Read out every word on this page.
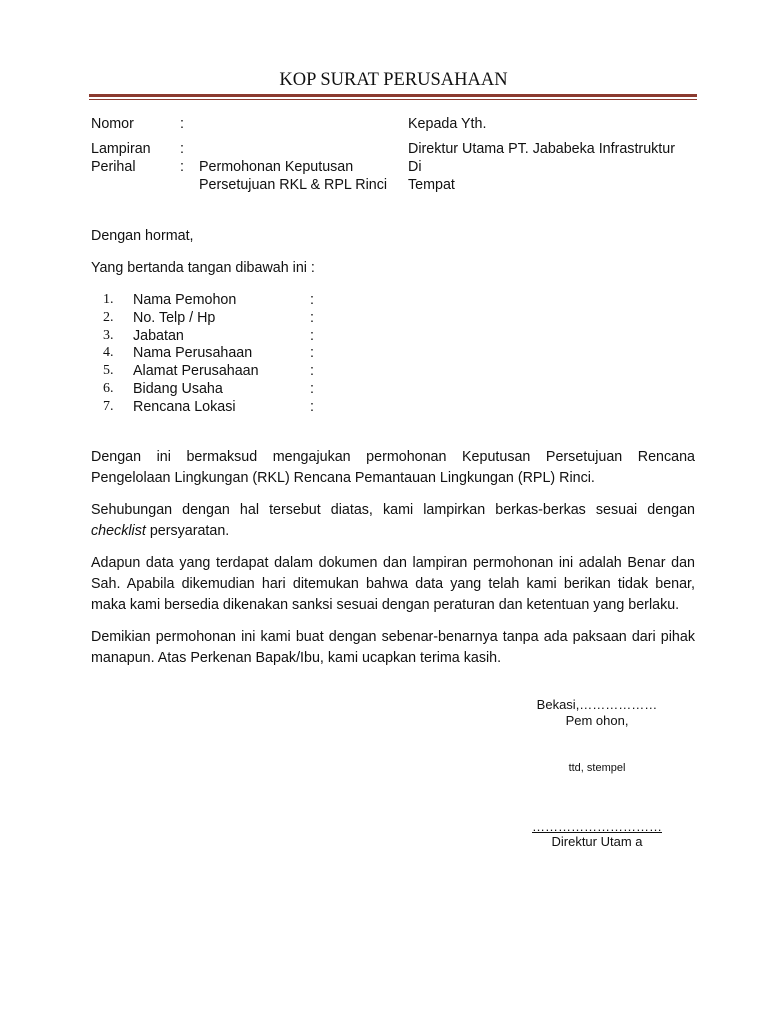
KOP SURAT PERUSAHAAN
Nomor	:
Lampiran :
Perihal	: Permohonan Keputusan
Persetujuan RKL & RPL Rinci
Kepada Yth.
Direktur Utama PT. Jababeka Infrastruktur
Di
Tempat
Dengan hormat,
Yang bertanda tangan dibawah ini :
1. Nama Pemohon	:
2. No. Telp / Hp	:
3. Jabatan	:
4. Nama Perusahaan	:
5. Alamat Perusahaan	:
6. Bidang Usaha	:
7. Rencana Lokasi	:
Dengan ini bermaksud mengajukan permohonan Keputusan Persetujuan Rencana
Pengelolaan Lingkungan (RKL) Rencana Pemantauan Lingkungan (RPL) Rinci.
Sehubungan dengan hal tersebut diatas, kami lampirkan berkas-berkas sesuai dengan
checklist persyaratan.
Adapun data yang terdapat dalam dokumen dan lampiran permohonan ini adalah Benar dan
Sah. Apabila dikemudian hari ditemukan bahwa data yang telah kami berikan tidak benar,
maka kami bersedia dikenakan sanksi sesuai dengan peraturan dan ketentuan yang berlaku.
Demikian permohonan ini kami buat dengan sebenar-benarnya tanpa ada paksaan dari pihak
manapun. Atas Perkenan Bapak/Ibu, kami ucapkan terima kasih.
Bekasi,………………
Pem ohon,
ttd, stempel
…………………………
Direktur Utam a
